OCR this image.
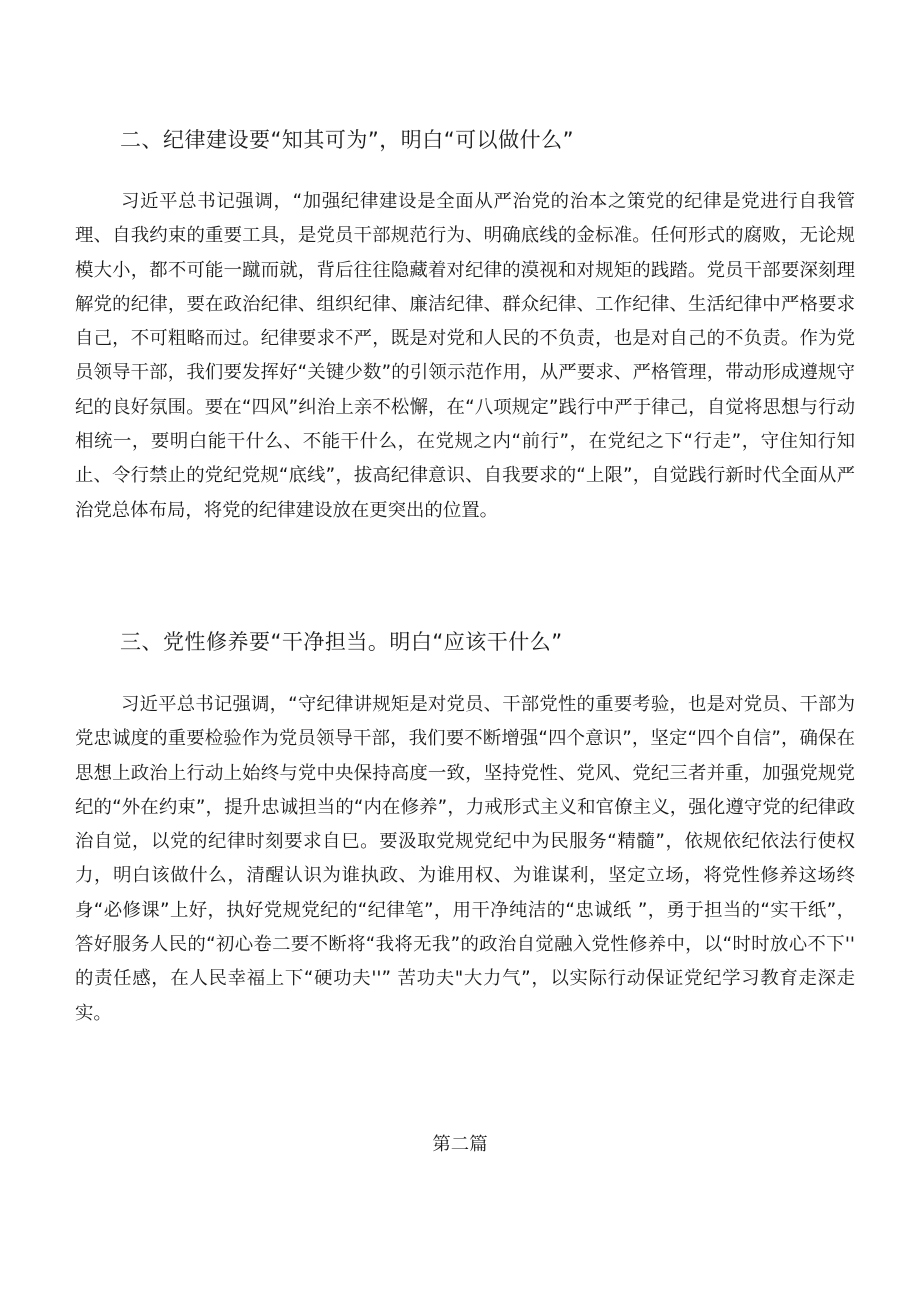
二、纪律建设要“知其可为”，明白“可以做什么”

习近平总书记强调，“加强纪律建设是全面从严治党的治本之策党的纪律是党进行自我管理、自我约束的重要工具，是党员干部规范行为、明确底线的金标准。任何形式的腐败，无论规模大小，都不可能一蹴而就，背后往往隐藏着对纪律的漠视和对规矩的践踏。党员干部要深刻理解党的纪律，要在政治纪律、组织纪律、廉洁纪律、群众纪律、工作纪律、生活纪律中严格要求自己，不可粗略而过。纪律要求不严，既是对党和人民的不负责，也是对自己的不负责。作为党员领导干部，我们要发挥好“关键少数”的引领示范作用，从严要求、严格管理，带动形成遵规守纪的良好氛围。要在“四风”纠治上亲不松懈，在“八项规定”践行中严于律己，自觉将思想与行动相统一，要明白能干什么、不能干什么，在党规之内“前行”，在党纪之下“行走”，守住知行知止、令行禁止的党纪党规“底线”，拔高纪律意识、自我要求的“上限”，自觉践行新时代全面从严治党总体布局，将党的纪律建设放在更突出的位置。

三、党性修养要“干净担当。明白“应该干什么”

习近平总书记强调，“守纪律讲规矩是对党员、干部党性的重要考验，也是对党员、干部为党忠诚度的重要检验作为党员领导干部，我们要不断增强“四个意识”，坚定“四个自信”，确保在思想上政治上行动上始终与党中央保持高度一致，坚持党性、党风、党纪三者并重，加强党规党纪的“外在约束”，提升忠诚担当的“内在修养”，力戒形式主义和官僚主义，强化遵守党的纪律政治自觉，以党的纪律时刻要求自巳。要汲取党规党纪中为民服务“精髓”，依规依纪依法行使权力，明白该做什么，清醒认识为谁执政、为谁用权、为谁谋利，坚定立场，将党性修养这场终身“必修课”上好，执好党规党纪的“纪律笔”，用干净纯洁的“忠诚纸 ”，勇于担当的“实干纸”，答好服务人民的“初心卷二要不断将“我将无我”的政治自觉融入党性修养中，以“时时放心不下'' 的责任感，在人民幸福上下“硬功夫''” 苦功夫"大力气”，以实际行动保证党纪学习教育走深走实。

第二篇
